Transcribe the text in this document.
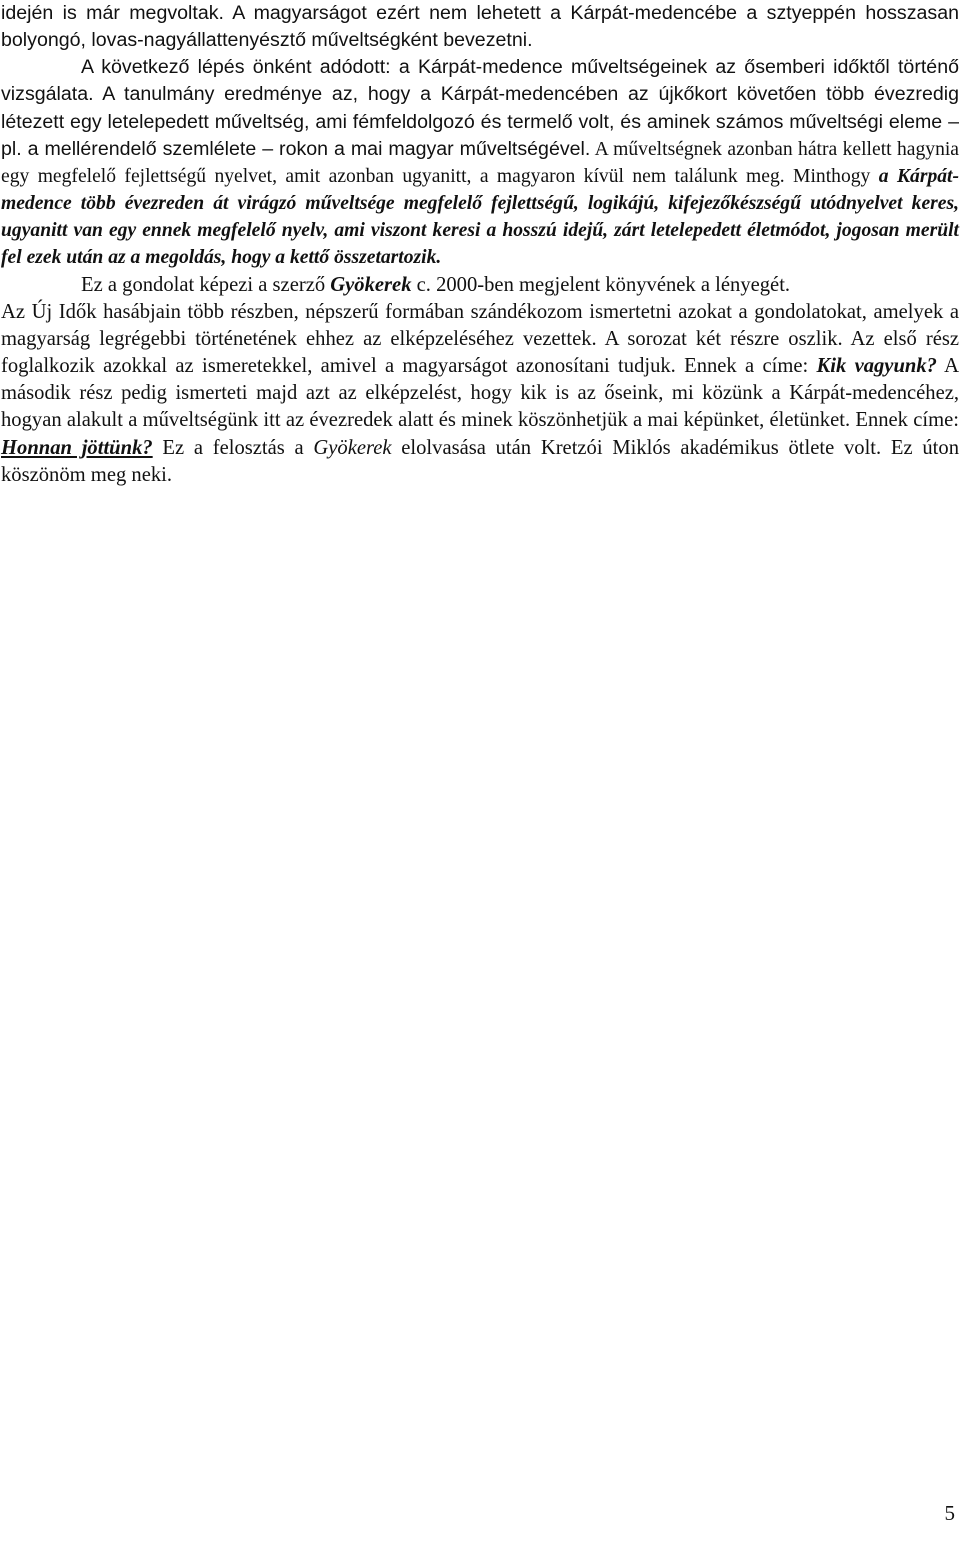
idején is már megvoltak. A magyarságot ezért nem lehetett a Kárpát-medencébe a sztyeppén hosszasan bolyongó, lovas-nagyállattenyésztő műveltségként bevezetni.

A következő lépés önként adódott: a Kárpát-medence műveltségeinek az ősemberi időktől történő vizsgálata. A tanulmány eredménye az, hogy a Kárpát-medencében az újkőkort követően több évezredig létezett egy letelepedett műveltség, ami fémfeldolgozó és termelő volt, és aminek számos műveltségi eleme – pl. a mellérendelő szemlélete – rokon a mai magyar műveltségével. A műveltségnek azonban hátra kellett hagynia egy megfelelő fejlettségű nyelvet, amit azonban ugyanitt, a magyaron kívül nem találunk meg. Minthogy a Kárpát-medence több évezreden át virágzó műveltsége megfelelő fejlettségű, logikájú, kifejezőkészségű utódnyelvet keres, ugyanitt van egy ennek megfelelő nyelv, ami viszont keresi a hosszú idejű, zárt letelepedett életmódot, jogosan merült fel ezek után az a megoldás, hogy a kettő összetartozik.

Ez a gondolat képezi a szerző Gyökerek c. 2000-ben megjelent könyvének a lényegét.

Az Új Idők hasábjain több részben, népszerű formában szándékozom ismertetni azokat a gondolatokat, amelyek a magyarság legrégebbi történetének ehhez az elképzeléséhez vezettek. A sorozat két részre oszlik. Az első rész foglalkozik azokkal az ismeretekkel, amivel a magyarságot azonosítani tudjuk. Ennek a címe: Kik vagyunk? A második rész pedig ismerteti majd azt az elképzelést, hogy kik is az őseink, mi közünk a Kárpát-medencéhez, hogyan alakult a műveltségünk itt az évezredek alatt és minek köszönhetjük a mai képünket, életünket. Ennek címe: Honnan jöttünk? Ez a felosztás a Gyökerek elolvasása után Kretzói Miklós akadémikus ötlete volt. Ez úton köszönöm meg neki.

5
